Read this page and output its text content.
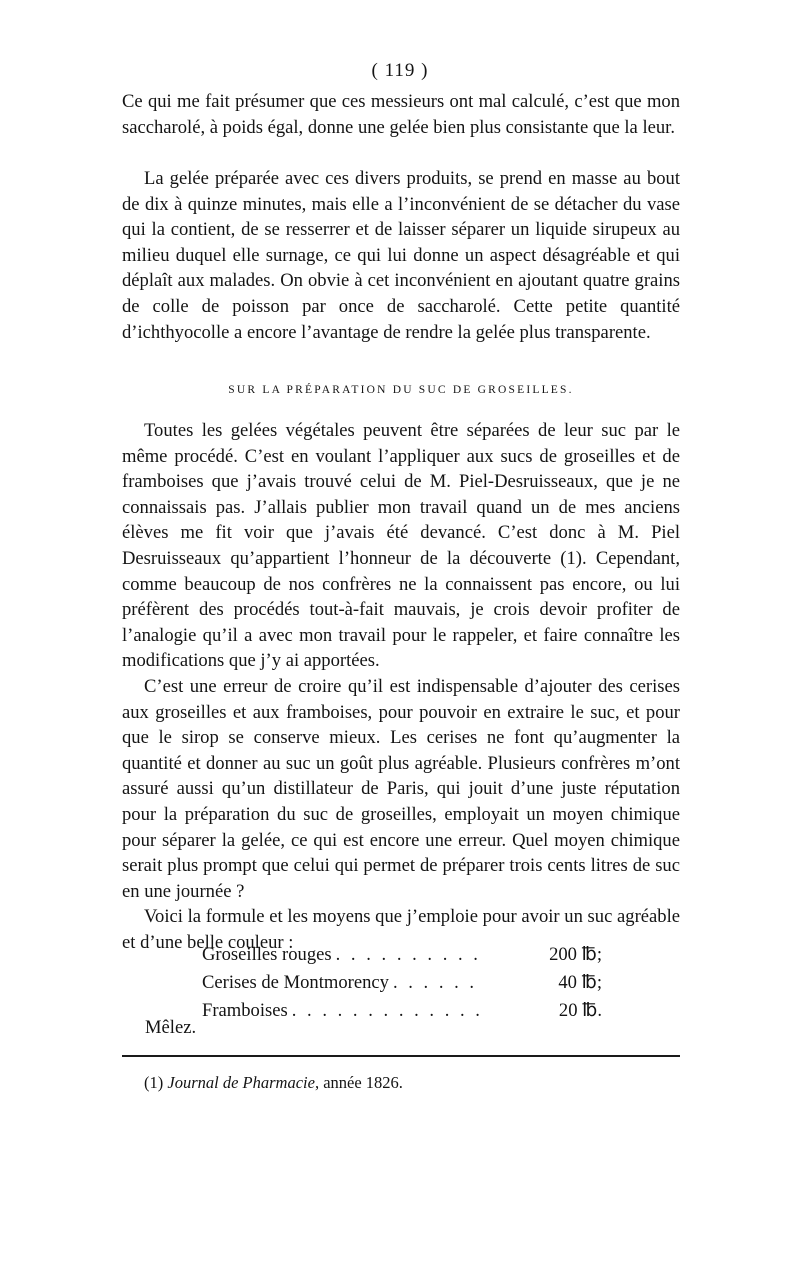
( 119 )

Ce qui me fait présumer que ces messieurs ont mal calculé, c’est que mon saccharolé, à poids égal, donne une gelée bien plus consistante que la leur.

La gelée préparée avec ces divers produits, se prend en masse au bout de dix à quinze minutes, mais elle a l’inconvénient de se détacher du vase qui la contient, de se resserrer et de laisser séparer un liquide sirupeux au milieu duquel elle surnage, ce qui lui donne un aspect désagréable et qui déplaît aux malades. On obvie à cet inconvénient en ajoutant quatre grains de colle de poisson par once de saccharolé. Cette petite quantité d’ichthyocolle a encore l’avantage de rendre la gelée plus transparente.

SUR LA PRÉPARATION DU SUC DE GROSEILLES.

Toutes les gelées végétales peuvent être séparées de leur suc par le même procédé. C’est en voulant l’appliquer aux sucs de groseilles et de framboises que j’avais trouvé celui de M. Piel-Desruisseaux, que je ne connaissais pas. J’allais publier mon travail quand un de mes anciens élèves me fit voir que j’avais été devancé. C’est donc à M. Piel Desruisseaux qu’appartient l’honneur de la découverte (1). Cependant, comme beaucoup de nos confrères ne la connaissent pas encore, ou lui préfèrent des procédés tout-à-fait mauvais, je crois devoir profiter de l’analogie qu’il a avec mon travail pour le rappeler, et faire connaître les modifications que j’y ai apportées.

C’est une erreur de croire qu’il est indispensable d’ajouter des cerises aux groseilles et aux framboises, pour pouvoir en extraire le suc, et pour que le sirop se conserve mieux. Les cerises ne font qu’augmenter la quantité et donner au suc un goût plus agréable. Plusieurs confrères m’ont assuré aussi qu’un distillateur de Paris, qui jouit d’une juste réputation pour la préparation du suc de groseilles, employait un moyen chimique pour séparer la gelée, ce qui est encore une erreur. Quel moyen chimique serait plus prompt que celui qui permet de préparer trois cents litres de suc en une journée ?

Voici la formule et les moyens que j’emploie pour avoir un suc agréable et d’une belle couleur :

Groseilles rouges . . . . . . . . . .	200 ℔;
Cerises de Montmorency . . . . . .	40 ℔;
Framboises . . . . . . . . . . . . .	20 ℔.
Mêlez.
(1) Journal de Pharmacie, année 1826.
